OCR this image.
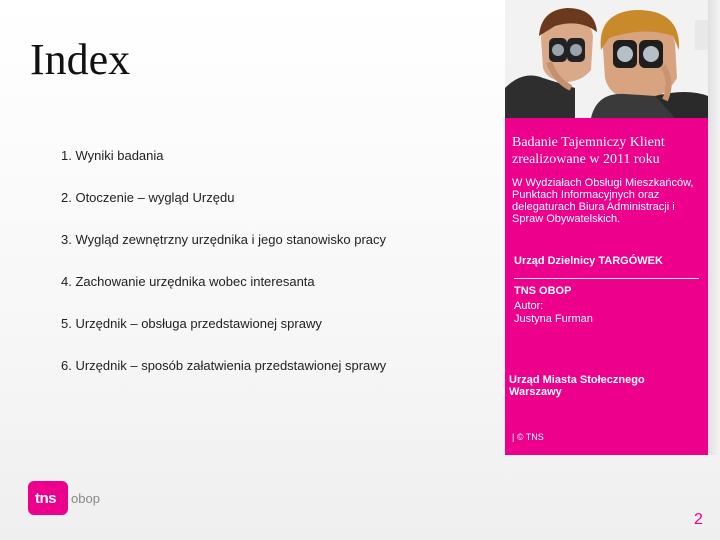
Index
1. Wyniki badania
2. Otoczenie – wygląd Urzędu
3. Wygląd zewnętrzny urzędnika i jego stanowisko pracy
4. Zachowanie urzędnika wobec interesanta
5. Urzędnik – obsługa przedstawionej sprawy
6. Urzędnik – sposób załatwienia przedstawionej sprawy
Badanie Tajemniczy Klient zrealizowane w 2011 roku
W Wydziałach Obsługi Mieszkańców, Punktach Informacyjnych oraz delegaturach Biura Administracji i Spraw Obywatelskich.
Urząd Dzielnicy TARGÓWEK
TNS OBOP
Autor:
Justyna Furman
Urząd Miasta Stołecznego Warszawy
| © TNS
tns obop
2
